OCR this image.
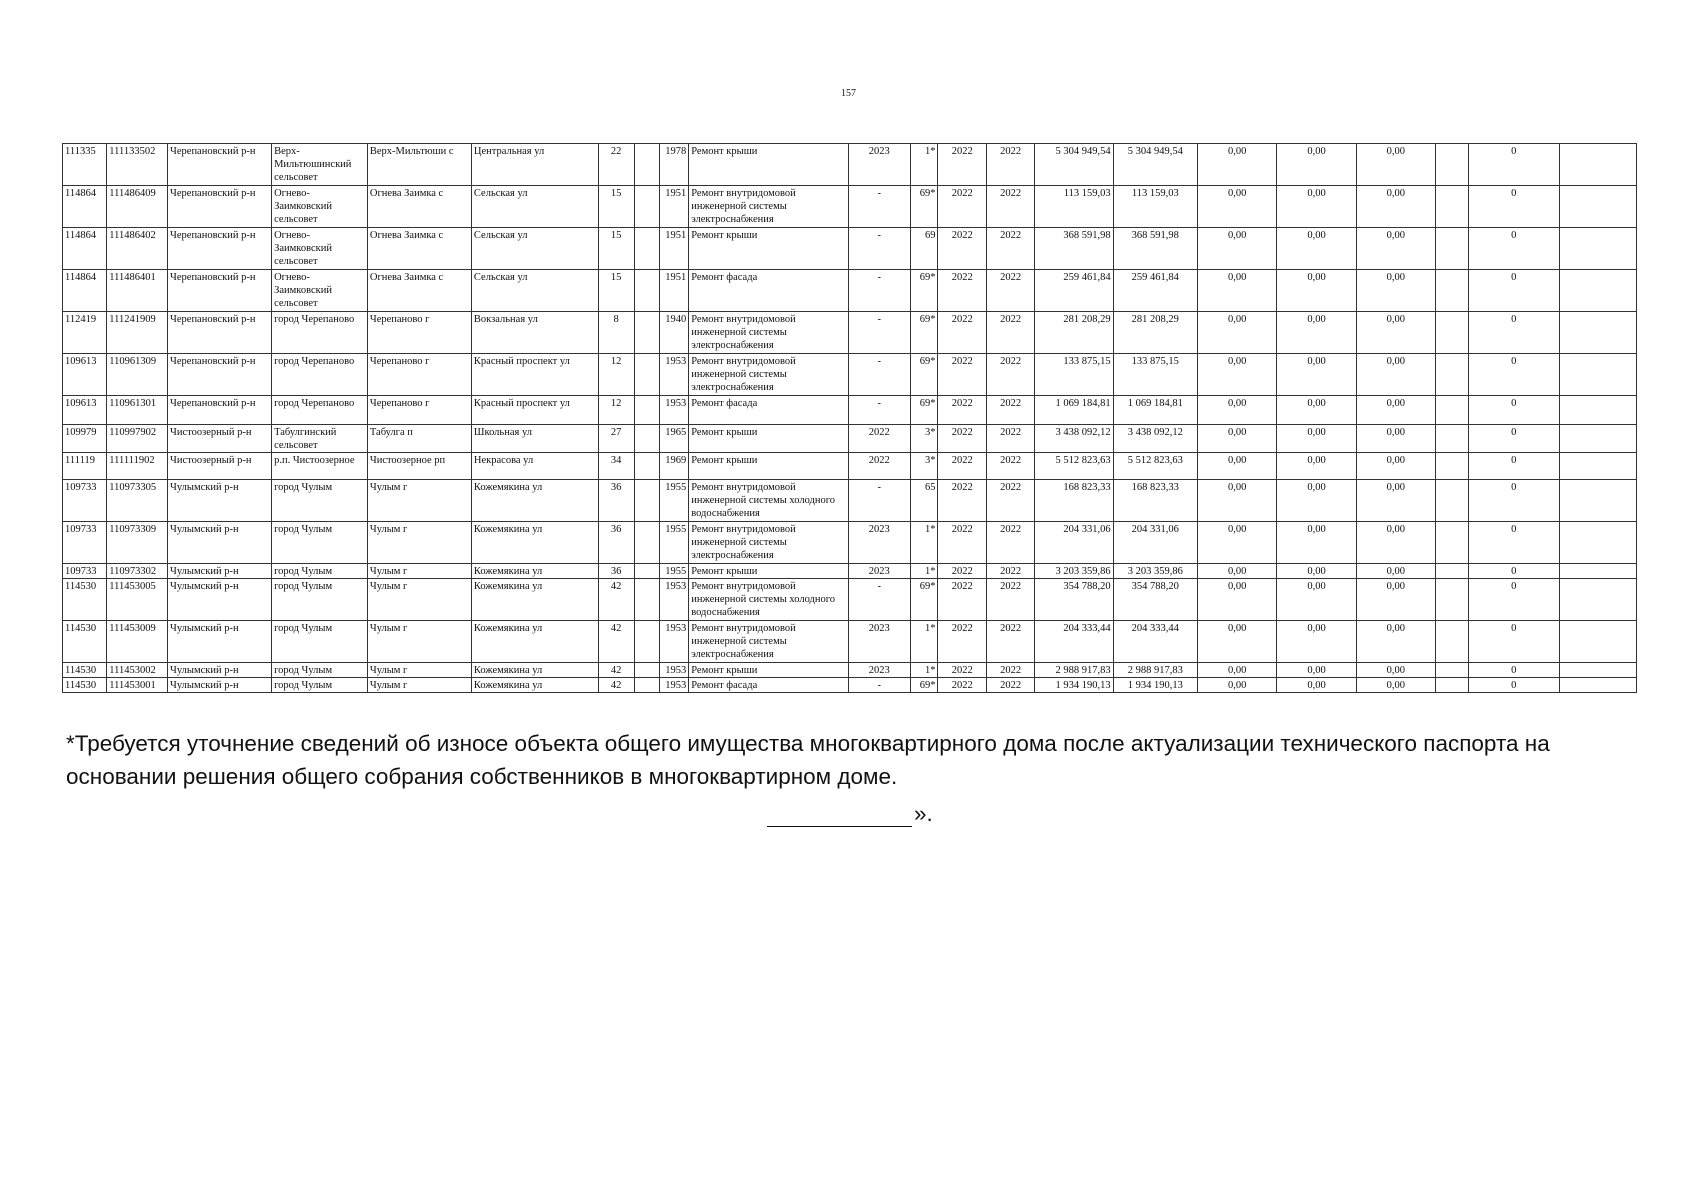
157
111335	111133502	Черепановский р-н	Верх-Мильтюшинский сельсовет	Верх-Мильтюши с	Центральная ул	22		1978	Ремонт крыши	2023	1*	2022	2022	5 304 949,54	5 304 949,54	0,00	0,00	0,00		0	
114864	111486409	Черепановский р-н	Огнево-Заимковский сельсовет	Огнева Заимка с	Сельская ул	15		1951	Ремонт внутридомовой инженерной системы электроснабжения	-	69*	2022	2022	113 159,03	113 159,03	0,00	0,00	0,00		0	
114864	111486402	Черепановский р-н	Огнево-Заимковский сельсовет	Огнева Заимка с	Сельская ул	15		1951	Ремонт крыши	-	69	2022	2022	368 591,98	368 591,98	0,00	0,00	0,00		0	
114864	111486401	Черепановский р-н	Огнево-Заимковский сельсовет	Огнева Заимка с	Сельская ул	15		1951	Ремонт фасада	-	69*	2022	2022	259 461,84	259 461,84	0,00	0,00	0,00		0	
112419	111241909	Черепановский р-н	город Черепаново	Черепаново г	Вокзальная ул	8		1940	Ремонт внутридомовой инженерной системы электроснабжения	-	69*	2022	2022	281 208,29	281 208,29	0,00	0,00	0,00		0	
109613	110961309	Черепановский р-н	город Черепаново	Черепаново г	Красный проспект ул	12		1953	Ремонт внутридомовой инженерной системы электроснабжения	-	69*	2022	2022	133 875,15	133 875,15	0,00	0,00	0,00		0	
109613	110961301	Черепановский р-н	город Черепаново	Черепаново г	Красный проспект ул	12		1953	Ремонт фасада	-	69*	2022	2022	1 069 184,81	1 069 184,81	0,00	0,00	0,00		0	
109979	110997902	Чистоозерный р-н	Табулгинский сельсовет	Табулга п	Школьная ул	27		1965	Ремонт крыши	2022	3*	2022	2022	3 438 092,12	3 438 092,12	0,00	0,00	0,00		0	
111119	111111902	Чистоозерный р-н	р.п. Чистоозерное	Чистоозерное рп	Некрасова ул	34		1969	Ремонт крыши	2022	3*	2022	2022	5 512 823,63	5 512 823,63	0,00	0,00	0,00		0	
109733	110973305	Чулымский р-н	город Чулым	Чулым г	Кожемякина ул	36		1955	Ремонт внутридомовой инженерной системы холодного водоснабжения	-	65	2022	2022	168 823,33	168 823,33	0,00	0,00	0,00		0	
109733	110973309	Чулымский р-н	город Чулым	Чулым г	Кожемякина ул	36		1955	Ремонт внутридомовой инженерной системы электроснабжения	2023	1*	2022	2022	204 331,06	204 331,06	0,00	0,00	0,00		0	
109733	110973302	Чулымский р-н	город Чулым	Чулым г	Кожемякина ул	36		1955	Ремонт крыши	2023	1*	2022	2022	3 203 359,86	3 203 359,86	0,00	0,00	0,00		0	
114530	111453005	Чулымский р-н	город Чулым	Чулым г	Кожемякина ул	42		1953	Ремонт внутридомовой инженерной системы холодного водоснабжения	-	69*	2022	2022	354 788,20	354 788,20	0,00	0,00	0,00		0	
114530	111453009	Чулымский р-н	город Чулым	Чулым г	Кожемякина ул	42		1953	Ремонт внутридомовой инженерной системы электроснабжения	2023	1*	2022	2022	204 333,44	204 333,44	0,00	0,00	0,00		0	
114530	111453002	Чулымский р-н	город Чулым	Чулым г	Кожемякина ул	42		1953	Ремонт крыши	2023	1*	2022	2022	2 988 917,83	2 988 917,83	0,00	0,00	0,00		0	
114530	111453001	Чулымский р-н	город Чулым	Чулым г	Кожемякина ул	42		1953	Ремонт фасада	-	69*	2022	2022	1 934 190,13	1 934 190,13	0,00	0,00	0,00		0	
*Требуется уточнение сведений об износе объекта общего имущества многоквартирного дома после актуализации технического паспорта на основании решения общего собрания собственников в многоквартирном доме.
».
